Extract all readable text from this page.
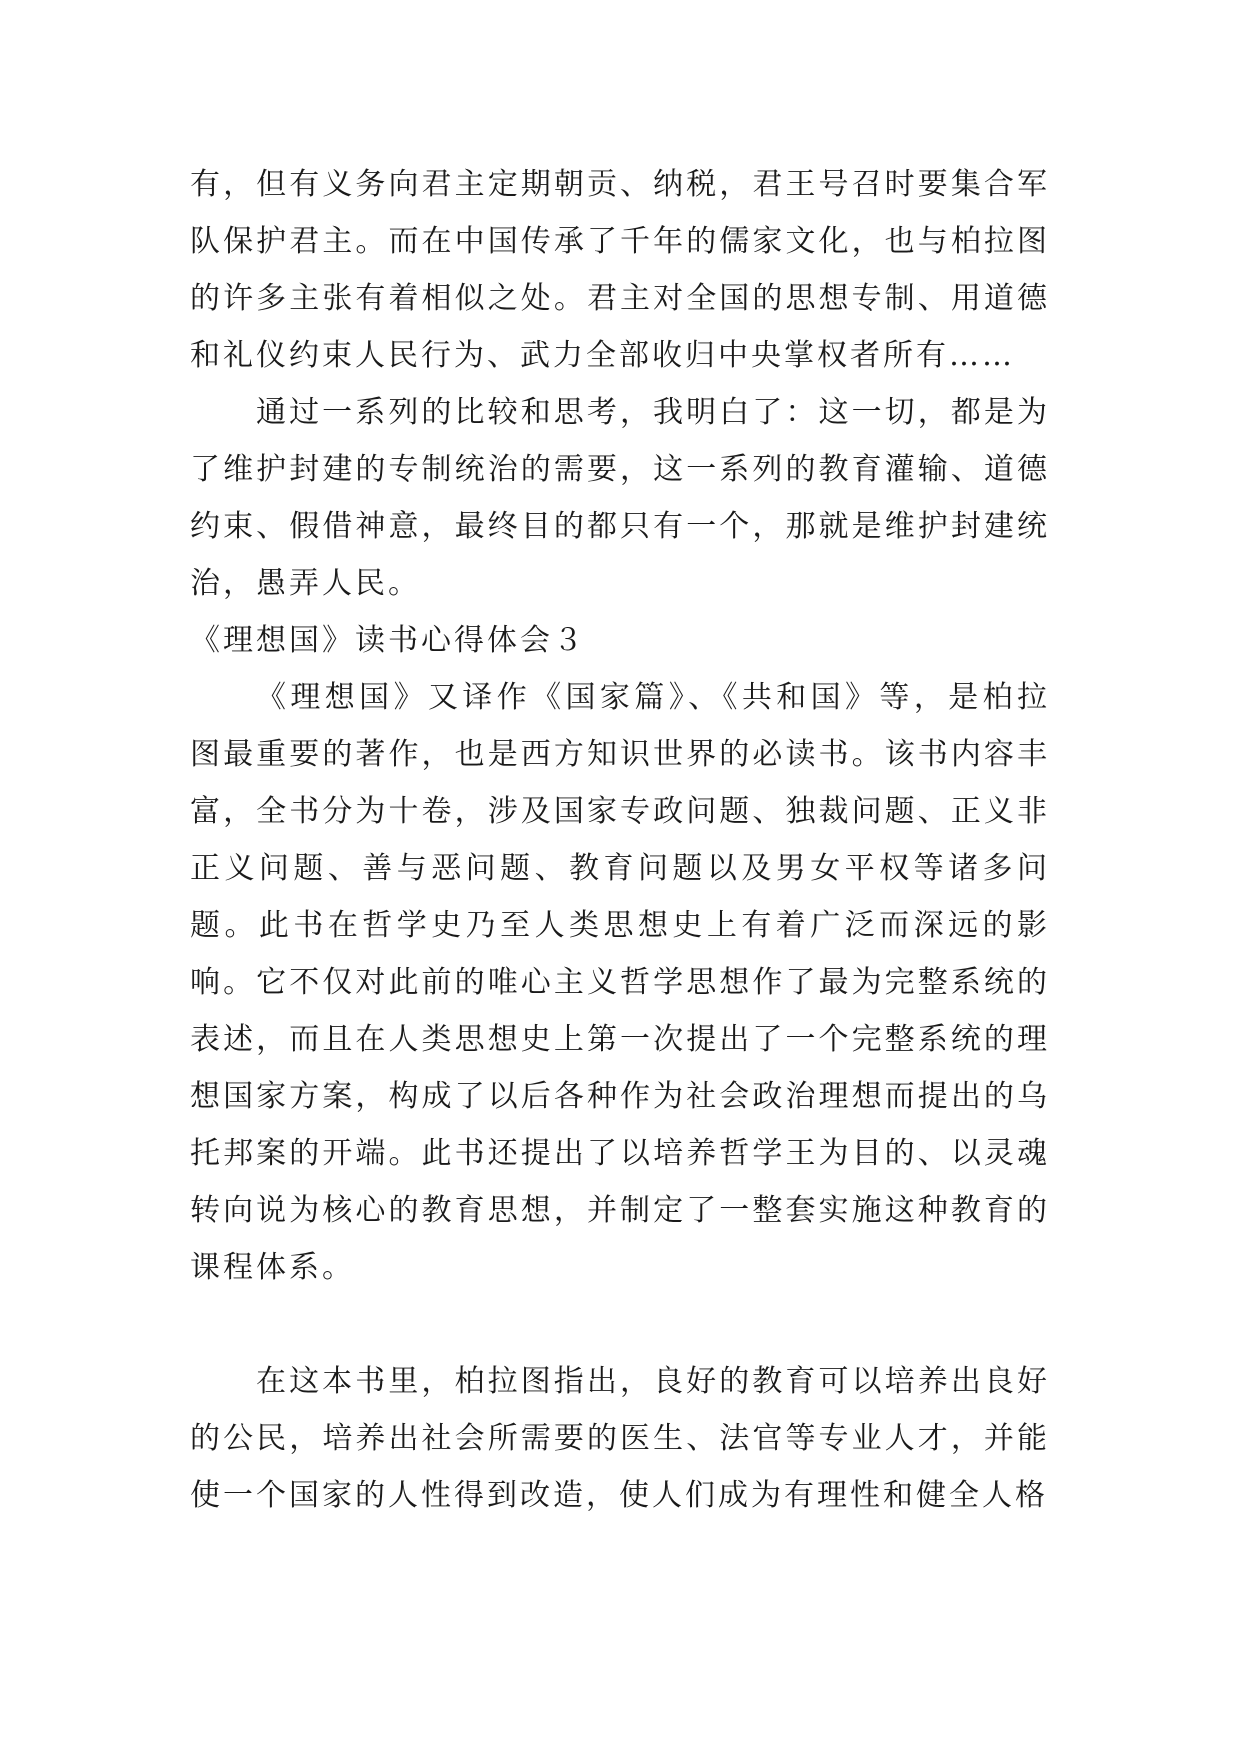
有，但有义务向君主定期朝贡、纳税，君王号召时要集合军队保护君主。而在中国传承了千年的儒家文化，也与柏拉图的许多主张有着相似之处。君主对全国的思想专制、用道德和礼仪约束人民行为、武力全部收归中央掌权者所有……

通过一系列的比较和思考，我明白了：这一切，都是为了维护封建的专制统治的需要，这一系列的教育灌输、道德约束、假借神意，最终目的都只有一个，那就是维护封建统治，愚弄人民。

《理想国》读书心得体会３

《理想国》又译作《国家篇》、《共和国》等，是柏拉图最重要的著作，也是西方知识世界的必读书。该书内容丰富，全书分为十卷，涉及国家专政问题、独裁问题、正义非正义问题、善与恶问题、教育问题以及男女平权等诸多问题。此书在哲学史乃至人类思想史上有着广泛而深远的影响。它不仅对此前的唯心主义哲学思想作了最为完整系统的表述，而且在人类思想史上第一次提出了一个完整系统的理想国家方案，构成了以后各种作为社会政治理想而提出的乌托邦案的开端。此书还提出了以培养哲学王为目的、以灵魂转向说为核心的教育思想，并制定了一整套实施这种教育的课程体系。

在这本书里，柏拉图指出，良好的教育可以培养出良好的公民，培养出社会所需要的医生、法官等专业人才，并能使一个国家的人性得到改造，使人们成为有理性和健全人格
